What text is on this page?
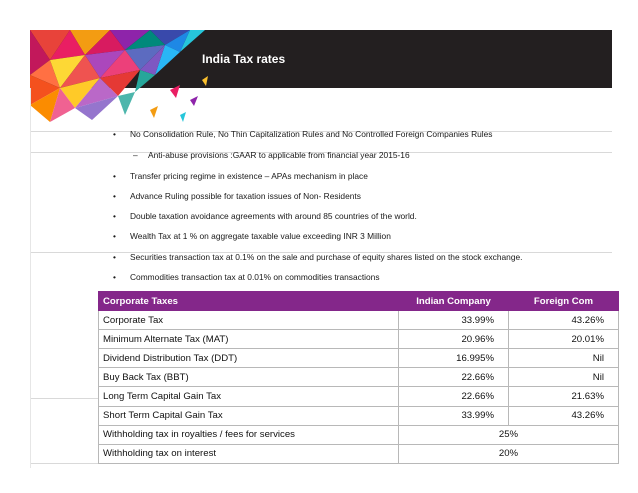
India Tax rates
• No Consolidation Rule, No Thin Capitalization Rules and No Controlled Foreign Companies Rules
– Anti-abuse provisions :GAAR to applicable from financial year 2015-16
• Transfer pricing regime in existence – APAs mechanism in place
• Advance Ruling possible for taxation issues of Non- Residents
• Double taxation avoidance agreements with around 85 countries of the world.
• Wealth Tax at 1 % on aggregate taxable value exceeding INR 3 Million
• Securities transaction tax at 0.1% on the sale and purchase of equity shares listed on the stock exchange.
• Commodities transaction tax at 0.01% on commodities transactions
Corporate Taxes	Indian Company	Foreign Com
Corporate Tax	33.99%	43.26%
Minimum Alternate Tax (MAT)	20.96%	20.01%
Dividend Distribution Tax (DDT)	16.995%	Nil
Buy Back Tax (BBT)	22.66%	Nil
Long Term Capital Gain Tax	22.66%	21.63%
Short Term Capital Gain Tax	33.99%	43.26%
Withholding tax in royalties / fees for services	25%	
Withholding tax on interest	20%	
